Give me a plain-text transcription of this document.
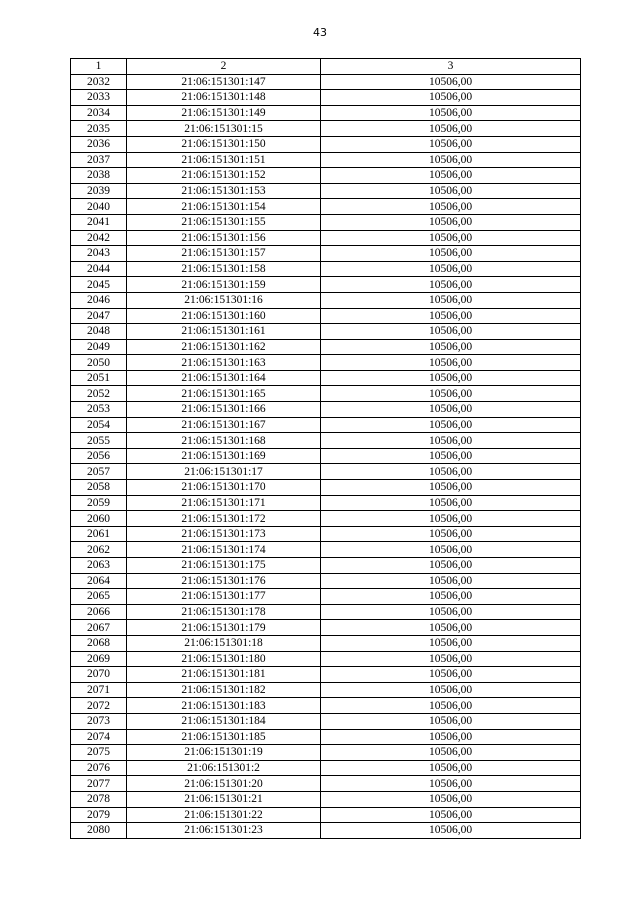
43
1	2	3
2032	21:06:151301:147	10506,00
2033	21:06:151301:148	10506,00
2034	21:06:151301:149	10506,00
2035	21:06:151301:15	10506,00
2036	21:06:151301:150	10506,00
2037	21:06:151301:151	10506,00
2038	21:06:151301:152	10506,00
2039	21:06:151301:153	10506,00
2040	21:06:151301:154	10506,00
2041	21:06:151301:155	10506,00
2042	21:06:151301:156	10506,00
2043	21:06:151301:157	10506,00
2044	21:06:151301:158	10506,00
2045	21:06:151301:159	10506,00
2046	21:06:151301:16	10506,00
2047	21:06:151301:160	10506,00
2048	21:06:151301:161	10506,00
2049	21:06:151301:162	10506,00
2050	21:06:151301:163	10506,00
2051	21:06:151301:164	10506,00
2052	21:06:151301:165	10506,00
2053	21:06:151301:166	10506,00
2054	21:06:151301:167	10506,00
2055	21:06:151301:168	10506,00
2056	21:06:151301:169	10506,00
2057	21:06:151301:17	10506,00
2058	21:06:151301:170	10506,00
2059	21:06:151301:171	10506,00
2060	21:06:151301:172	10506,00
2061	21:06:151301:173	10506,00
2062	21:06:151301:174	10506,00
2063	21:06:151301:175	10506,00
2064	21:06:151301:176	10506,00
2065	21:06:151301:177	10506,00
2066	21:06:151301:178	10506,00
2067	21:06:151301:179	10506,00
2068	21:06:151301:18	10506,00
2069	21:06:151301:180	10506,00
2070	21:06:151301:181	10506,00
2071	21:06:151301:182	10506,00
2072	21:06:151301:183	10506,00
2073	21:06:151301:184	10506,00
2074	21:06:151301:185	10506,00
2075	21:06:151301:19	10506,00
2076	21:06:151301:2	10506,00
2077	21:06:151301:20	10506,00
2078	21:06:151301:21	10506,00
2079	21:06:151301:22	10506,00
2080	21:06:151301:23	10506,00
